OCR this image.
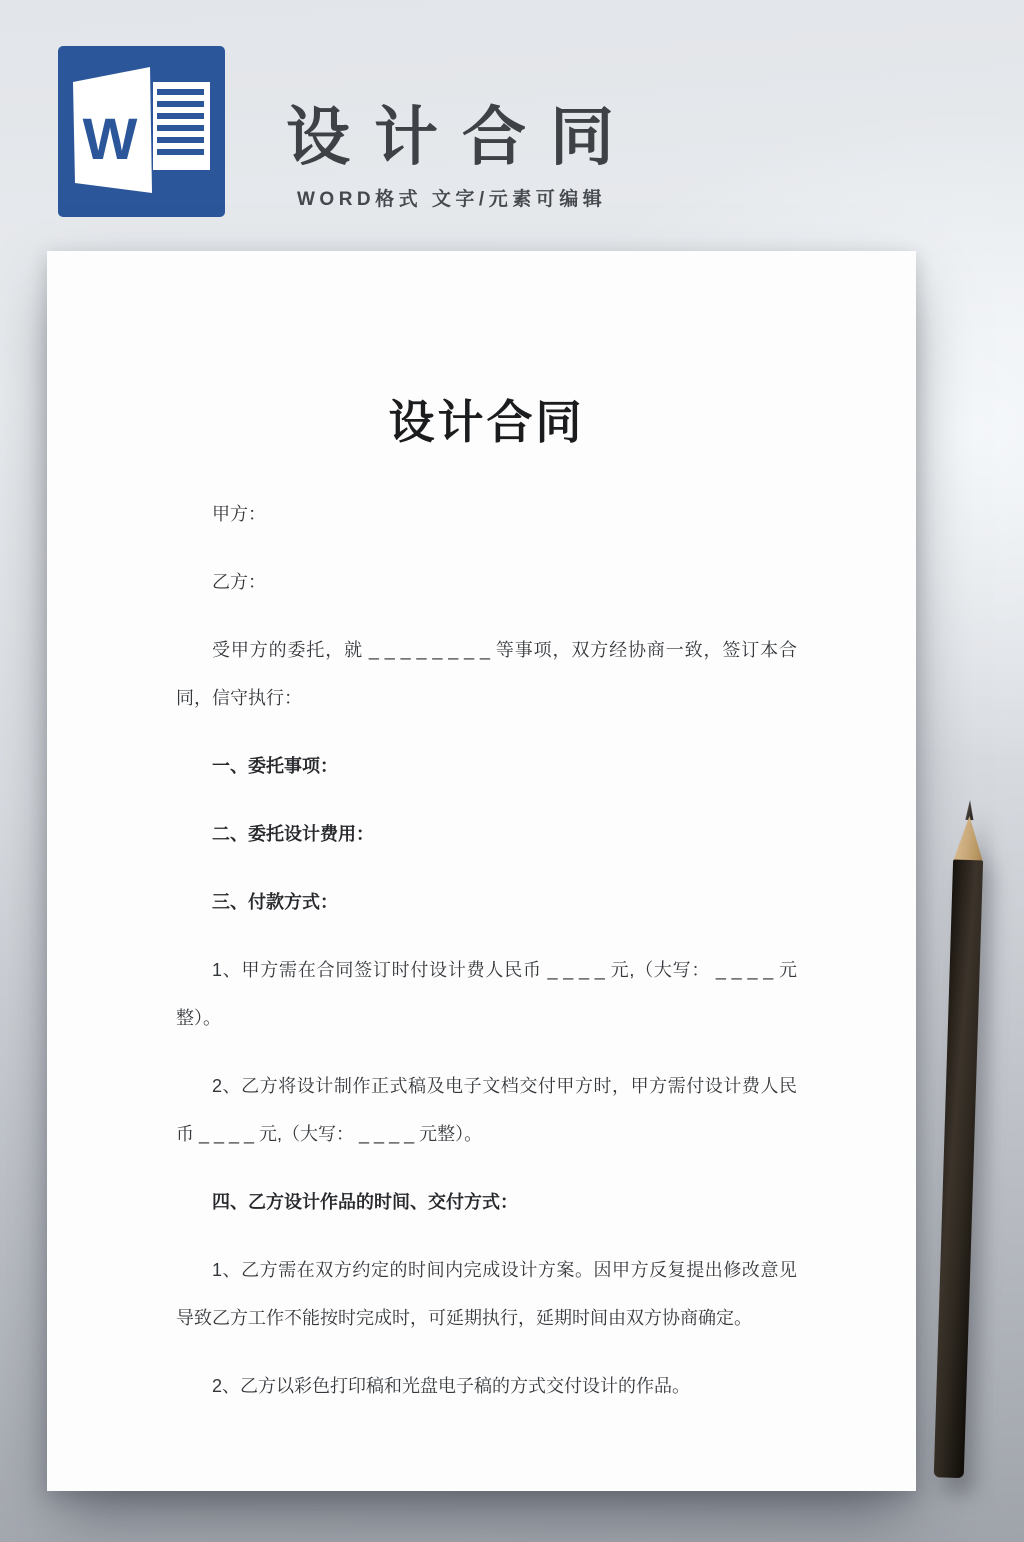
W 设计合同
WORD格式 文字/元素可编辑
设计合同

甲方：

乙方：

受甲方的委托，就 _ _ _ _ _ _ _ _ 等事项，双方经协商一致，签订本合同，信守执行：

一、委托事项：

二、委托设计费用：

三、付款方式：

1、甲方需在合同签订时付设计费人民币 _ _ _ _ 元,（大写： _ _ _ _ 元整）。

2、乙方将设计制作正式稿及电子文档交付甲方时，甲方需付设计费人民币 _ _ _ _ 元,（大写： _ _ _ _ 元整）。

四、乙方设计作品的时间、交付方式：

1、乙方需在双方约定的时间内完成设计方案。因甲方反复提出修改意见导致乙方工作不能按时完成时，可延期执行，延期时间由双方协商确定。

2、乙方以彩色打印稿和光盘电子稿的方式交付设计的作品。
